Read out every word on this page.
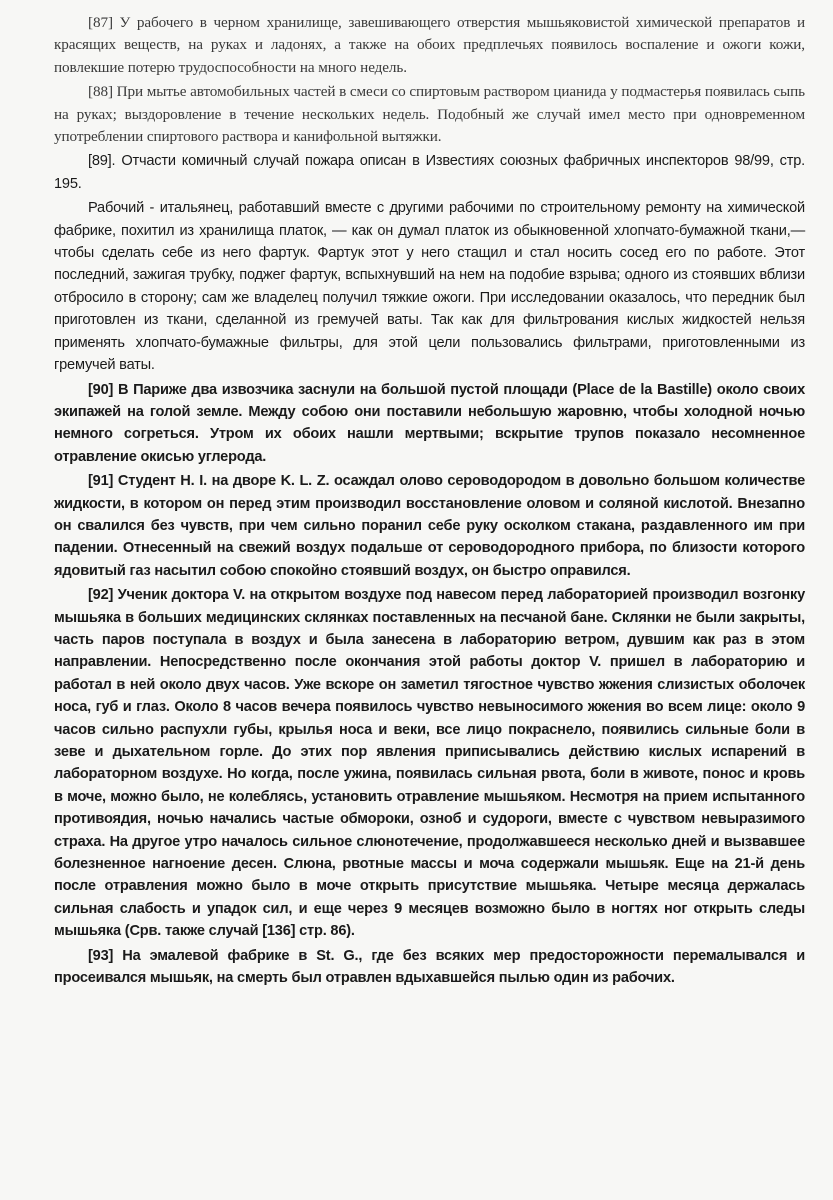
[87] У рабочего в черном хранилище, завешивающего отверстия мышьяковистой химической препаратов и красящих веществ, на руках и ладонях, а также на обоих предплечьях появилось воспаление и ожоги кожи, повлекшие потерю трудоспособности на много недель.

[88] При мытье автомобильных частей в смеси со спиртовым раствором цианида у подмастерья появилась сыпь на руках; выздоровление в течение нескольких недель. Подобный же случай имел место при одновременном употреблении спиртового раствора и канифольной вытяжки.

[89]. Отчасти комичный случай пожара описан в Известиях союзных фабричных инспекторов 98/99, стр. 195.

Рабочий - итальянец, работавший вместе с другими рабочими по строительному ремонту на химической фабрике, похитил из хранилища платок, — как он думал платок из обыкновенной хлопчато-бумажной ткани,—чтобы сделать себе из него фартук. Фартук этот у него стащил и стал носить сосед его по работе. Этот последний, зажигая трубку, поджег фартук, вспыхнувший на нем на подобие взрыва; одного из стоявших вблизи отбросило в сторону; сам же владелец получил тяжкие ожоги. При исследовании оказалось, что передник был приготовлен из ткани, сделанной из гремучей ваты. Так как для фильтрования кислых жидкостей нельзя применять хлопчато-бумажные фильтры, для этой цели пользовались фильтрами, приготовленными из гремучей ваты.

[90] В Париже два извозчика заснули на большой пустой площади (Place de la Bastille) около своих экипажей на голой земле. Между собою они поставили небольшую жаровню, чтобы холодной ночью немного согреться. Утром их обоих нашли мертвыми; вскрытие трупов показало несомненное отравление окисью углерода.

[91] Студент Н. I. на дворе K. L. Z. осаждал олово сероводородом в довольно большом количестве жидкости, в котором он перед этим производил восстановление оловом и соляной кислотой. Внезапно он свалился без чувств, при чем сильно поранил себе руку осколком стакана, раздавленного им при падении. Отнесенный на свежий воздух подальше от сероводородного прибора, по близости которого ядовитый газ насытил собою спокойно стоявший воздух, он быстро оправился.

[92] Ученик доктора V. на открытом воздухе под навесом перед лабораторией производил возгонку мышьяка в больших медицинских склянках поставленных на песчаной бане. Склянки не были закрыты, часть паров поступала в воздух и была занесена в лабораторию ветром, дувшим как раз в этом направлении. Непосредственно после окончания этой работы доктор V. пришел в лабораторию и работал в ней около двух часов. Уже вскоре он заметил тягостное чувство жжения слизистых оболочек носа, губ и глаз. Около 8 часов вечера появилось чувство невыносимого жжения во всем лице: около 9 часов сильно распухли губы, крылья носа и веки, все лицо покраснело, появились сильные боли в зеве и дыхательном горле. До этих пор явления приписывались действию кислых испарений в лабораторном воздухе. Но когда, после ужина, появилась сильная рвота, боли в животе, понос и кровь в моче, можно было, не колеблясь, установить отравление мышьяком. Несмотря на прием испытанного противоядия, ночью начались частые обмороки, озноб и судороги, вместе с чувством невыразимого страха. На другое утро началось сильное слюнотечение, продолжавшееся несколько дней и вызвавшее болезненное нагноение десен. Слюна, рвотные массы и моча содержали мышьяк. Еще на 21-й день после отравления можно было в моче открыть присутствие мышьяка. Четыре месяца держалась сильная слабость и упадок сил, и еще через 9 месяцев возможно было в ногтях ног открыть следы мышьяка (Срв. также случай [136] стр. 86).

[93] На эмалевой фабрике в St. G., где без всяких мер предосторожности перемалывался и просеивался мышьяк, на смерть был отравлен вдыхавшейся пылью один из рабочих.
